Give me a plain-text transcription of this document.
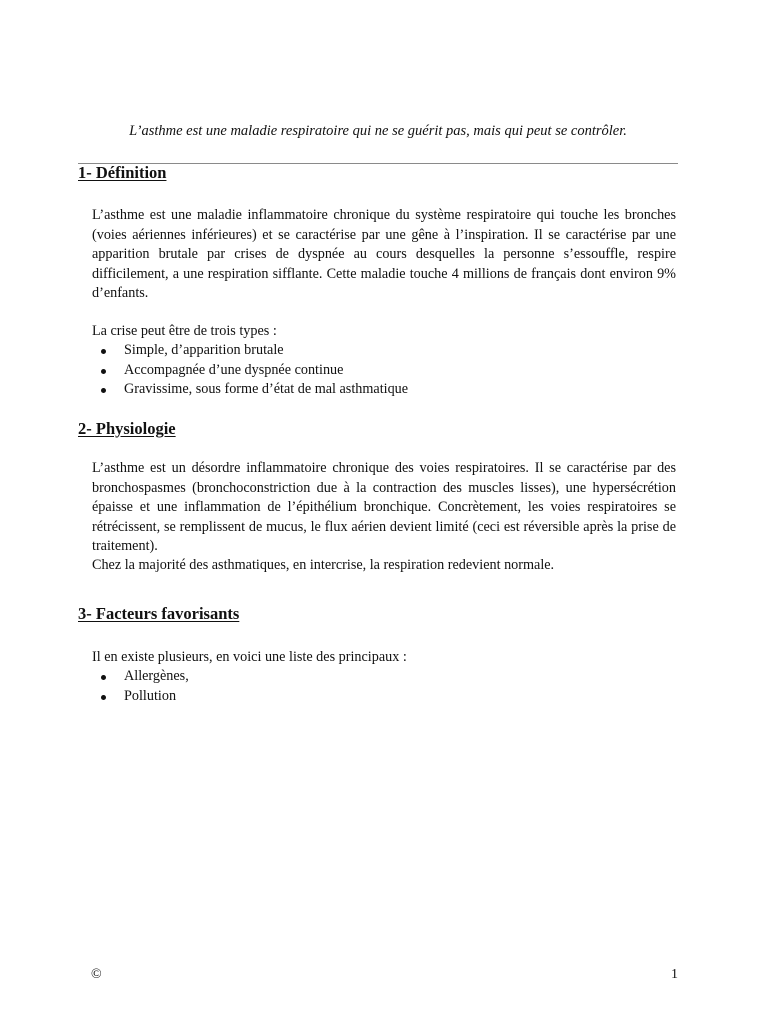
L’asthme est une maladie respiratoire qui ne se guérit pas, mais qui peut se contrôler.
1- Définition
L’asthme est une maladie inflammatoire chronique du système respiratoire qui touche les bronches (voies aériennes inférieures) et se caractérise par une gêne à l’inspiration. Il se caractérise par une apparition brutale par crises de dyspnée au cours desquelles la personne s’essouffle, respire difficilement, a une respiration sifflante. Cette maladie touche 4 millions de français dont environ 9% d’enfants.
La crise peut être de trois types :
Simple, d’apparition brutale
Accompagnée d’une dyspnée continue
Gravissime, sous forme d’état de mal asthmatique
2- Physiologie
L’asthme est un désordre inflammatoire chronique des voies respiratoires. Il se caractérise par des bronchospasmes (bronchoconstriction due à la contraction des muscles lisses), une hypersécrétion épaisse et une inflammation de l’épithélium bronchique. Concrètement, les voies respiratoires se rétrécissent, se remplissent de mucus, le flux aérien devient limité (ceci est réversible après la prise de traitement).
Chez la majorité des asthmatiques, en intercrise, la respiration redevient normale.
3- Facteurs favorisants
Il en existe plusieurs, en voici une liste des principaux :
Allergènes,
Pollution
©	1
